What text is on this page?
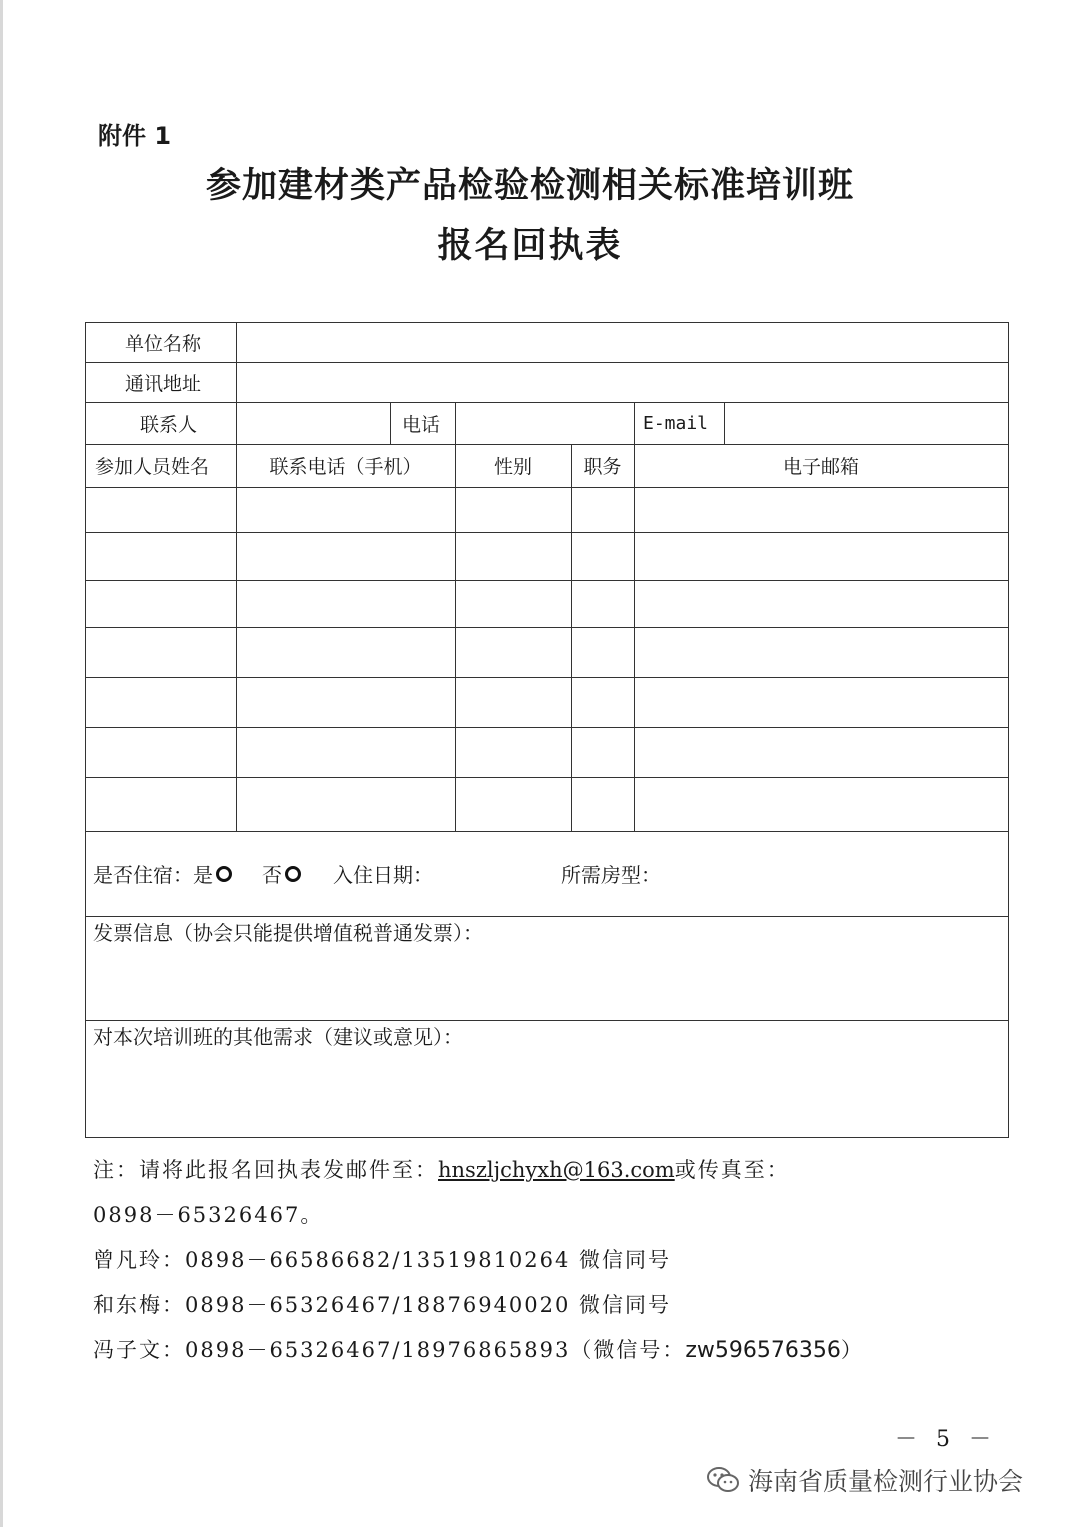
附件 1
参加建材类产品检验检测相关标准培训班
报名回执表
单位名称
通讯地址
联系人	电话	E-mail
参加人员姓名	联系电话（手机）	性别	职务	电子邮箱
是否住宿：是 否	入住日期：	所需房型：
发票信息（协会只能提供增值税普通发票）：
对本次培训班的其他需求（建议或意见）：
注：请将此报名回执表发邮件至：hnszljchyxh@163.com或传真至：
0898－65326467。
曾凡玲：0898－66586682/13519810264 微信同号
和东梅：0898－65326467/18876940020 微信同号
冯子文：0898－65326467/18976865893（微信号：zw596576356）
－ 5 －
海南省质量检测行业协会
